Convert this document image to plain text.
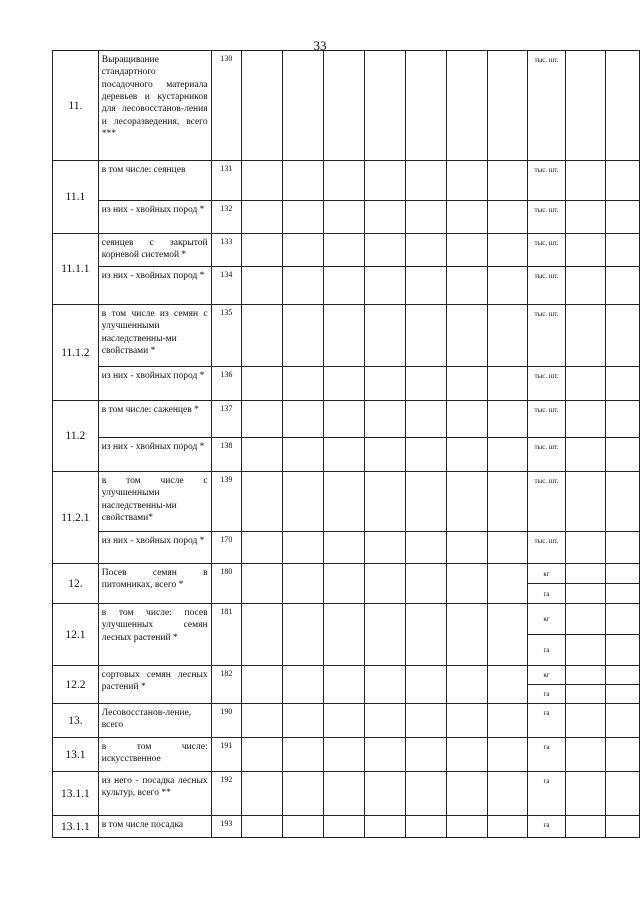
33
11.	Выращивание стандартного посадочного материала деревьев и кустарников для лесовосстанов-ления и лесоразведения, всего ***	130								тыс. шт.		
11.1	в том числе: сеянцев	131								тыс. шт.		
	из них - хвойных пород *	132								тыс. шт.		
11.1.1	сеянцев с закрытой корневой системой *	133								тыс. шт.		
	из них - хвойных пород *	134								тыс. шт.		
11.1.2	в том числе из семян с улучшенными наследственны-ми свойствами *	135								тыс. шт.		
	из них - хвойных пород *	136								тыс. шт.		
11.2	в том числе: саженцев *	137								тыс. шт.		
	из них - хвойных пород *	138								тыс. шт.		
11.2.1	в том числе с улучшенными наследственны-ми свойствами*	139								тыс. шт.		
	из них - хвойных пород *	170								тыс. шт.		
12.	Посев семян в питомниках, всего *	180								кг		
										га		
12.1	в том числе: посев улучшенных семян лесных растений *	181								кг		
										га		
12.2	сортовых семян лесных растений *	182								кг		
										га		
13.	Лесовосстанов-ление, всего	190								га		
13.1	в том числе: искусственное	191								га		
13.1.1	из него - посадка лесных культур, всего **	192								га		
13.1.1	в том числе посадка	193								га		
